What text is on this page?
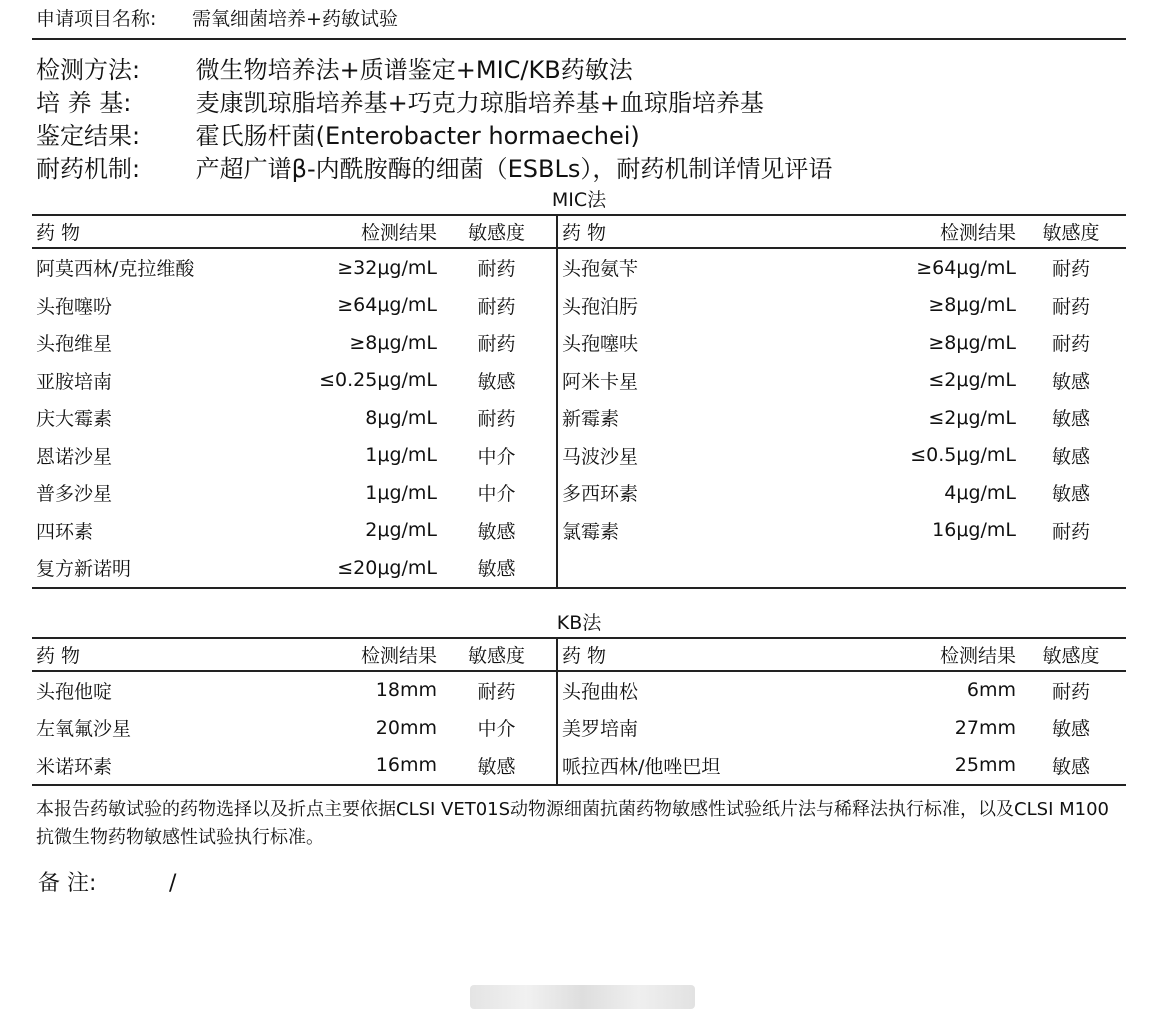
申请项目名称: 需氧细菌培养+药敏试验
检测方法: 微生物培养法+质谱鉴定+MIC/KB药敏法
培 养 基:	麦康凯琼脂培养基+巧克力琼脂培养基+血琼脂培养基
鉴定结果: 霍氏肠杆菌(Enterobacter hormaechei)
耐药机制: 产超广谱β-内酰胺酶的细菌（ESBLs），耐药机制详情见评语
MIC法
药 物	检测结果	敏感度	药 物	检测结果	敏感度
阿莫西林/克拉维酸	≥32μg/mL	耐药	头孢氨苄	≥64μg/mL	耐药
头孢噻吩	≥64μg/mL	耐药	头孢泊肟	≥8μg/mL	耐药
头孢维星	≥8μg/mL	耐药	头孢噻呋	≥8μg/mL	耐药
亚胺培南	≤0.25μg/mL	敏感	阿米卡星	≤2μg/mL	敏感
庆大霉素	8μg/mL	耐药	新霉素	≤2μg/mL	敏感
恩诺沙星	1μg/mL	中介	马波沙星	≤0.5μg/mL	敏感
普多沙星	1μg/mL	中介	多西环素	4μg/mL	敏感
四环素	2μg/mL	敏感	氯霉素	16μg/mL	耐药
复方新诺明	≤20μg/mL	敏感			
KB法
药 物	检测结果	敏感度	药 物	检测结果	敏感度
头孢他啶	18mm	耐药	头孢曲松	6mm	耐药
左氧氟沙星	20mm	中介	美罗培南	27mm	敏感
米诺环素	16mm	敏感	哌拉西林/他唑巴坦	25mm	敏感
本报告药敏试验的药物选择以及折点主要依据CLSI VET01S动物源细菌抗菌药物敏感性试验纸片法与稀释法执行标准，以及CLSI M100 抗微生物药物敏感性试验执行标准。
备 注:	/
